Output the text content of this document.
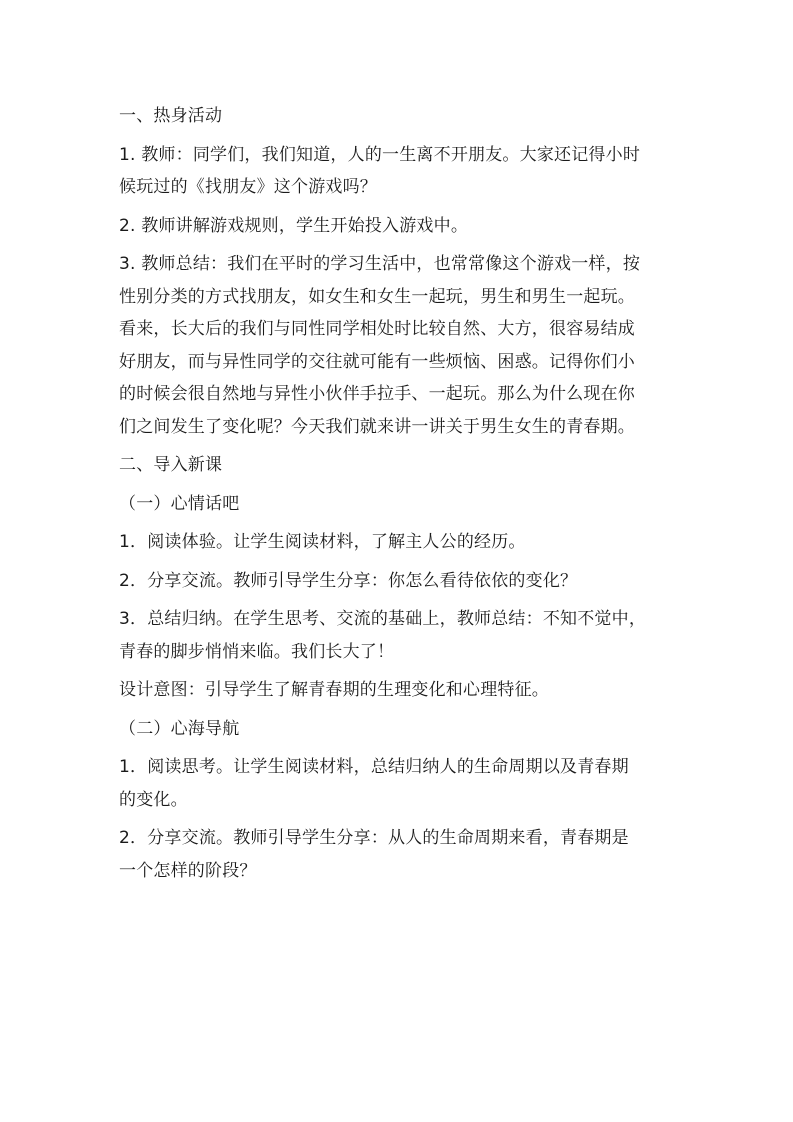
一、热身活动
1. 教师：同学们，我们知道，人的一生离不开朋友。大家还记得小时
候玩过的《找朋友》这个游戏吗？
2. 教师讲解游戏规则，学生开始投入游戏中。
3. 教师总结：我们在平时的学习生活中，也常常像这个游戏一样，按
性别分类的方式找朋友，如女生和女生一起玩，男生和男生一起玩。
看来，长大后的我们与同性同学相处时比较自然、大方，很容易结成
好朋友，而与异性同学的交往就可能有一些烦恼、困惑。记得你们小
的时候会很自然地与异性小伙伴手拉手、一起玩。那么为什么现在你
们之间发生了变化呢？今天我们就来讲一讲关于男生女生的青春期。
二、导入新课
（一）心情话吧
1．阅读体验。让学生阅读材料，了解主人公的经历。
2．分享交流。教师引导学生分享：你怎么看待依依的变化？
3．总结归纳。在学生思考、交流的基础上，教师总结：不知不觉中，
青春的脚步悄悄来临。我们长大了！
设计意图：引导学生了解青春期的生理变化和心理特征。
（二）心海导航
1．阅读思考。让学生阅读材料，总结归纳人的生命周期以及青春期
的变化。
2．分享交流。教师引导学生分享：从人的生命周期来看，青春期是
一个怎样的阶段？
